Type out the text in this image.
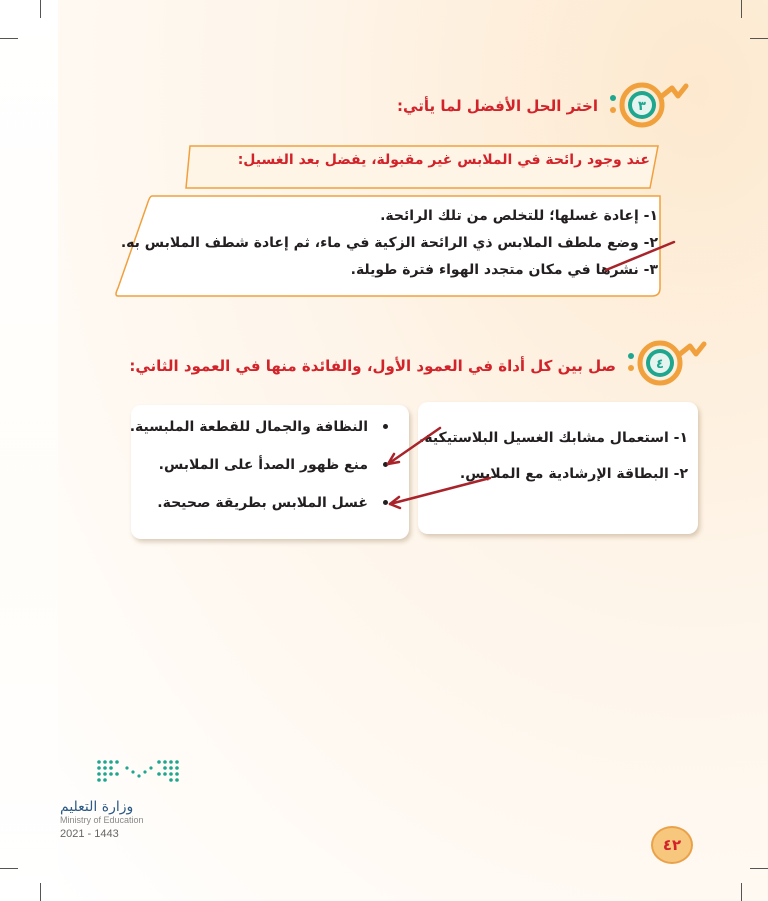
٣
اختر الحل الأفضل لما يأتي:
عند وجود رائحة في الملابس غير مقبولة، يفضل بعد الغسيل:
١- إعادة غسلها؛ للتخلص من تلك الرائحة.
٢- وضع ملطف الملابس ذي الرائحة الزكية في ماء، ثم إعادة شطف الملابس به.
٣- نشرها في مكان متجدد الهواء فترة طويلة.
٤
صل بين كل أداة في العمود الأول، والفائدة منها في العمود الثاني:
١- استعمال مشابك الغسيل البلاستيكية.
٢- البطاقة الإرشادية مع الملابس.
النظافة والجمال للقطعة الملبسية.
منع ظهور الصدأ على الملابس.
غسل الملابس بطريقة صحيحة.
وزارة التعليم
Ministry of Education
2021 - 1443
٤٢
